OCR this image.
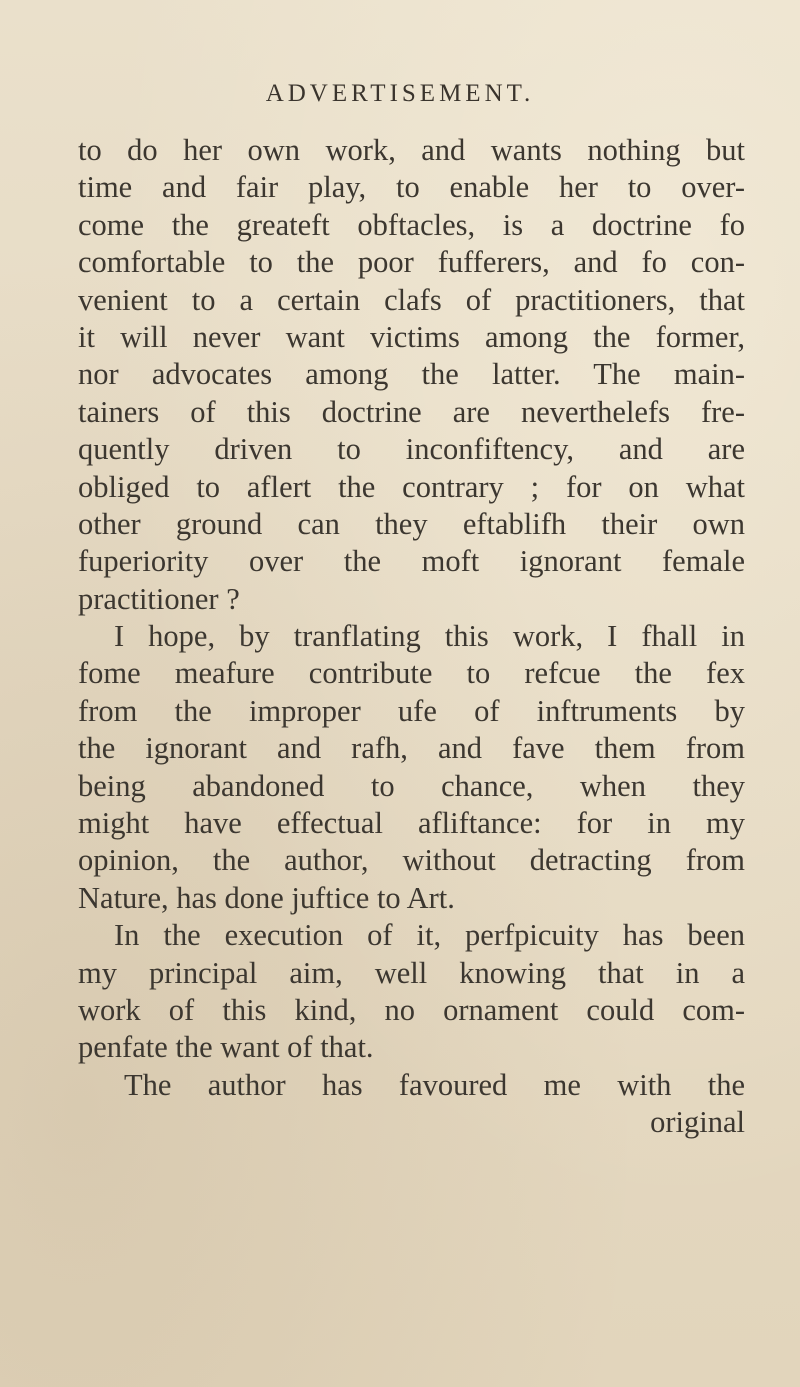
ADVERTISEMENT.
to do her own work, and wants nothing but
time and fair play, to enable her to over-
come the greateft obftacles, is a doctrine fo
comfortable to the poor fufferers, and fo con-
venient to a certain clafs of practitioners, that
it will never want victims among the former,
nor advocates among the latter. The main-
tainers of this doctrine are neverthelefs fre-
quently driven to inconfiftency, and are
obliged to aflert the contrary ; for on what
other ground can they eftablifh their own
fuperiority over the moft ignorant female
practitioner ?
I hope, by tranflating this work, I fhall in
fome meafure contribute to refcue the fex
from the improper ufe of inftruments by
the ignorant and rafh, and fave them from
being abandoned to chance, when they
might have effectual afliftance: for in my
opinion, the author, without detracting from
Nature, has done juftice to Art.
In the execution of it, perfpicuity has been
my principal aim, well knowing that in a
work of this kind, no ornament could com-
penfate the want of that.
The author has favoured me with the
original
